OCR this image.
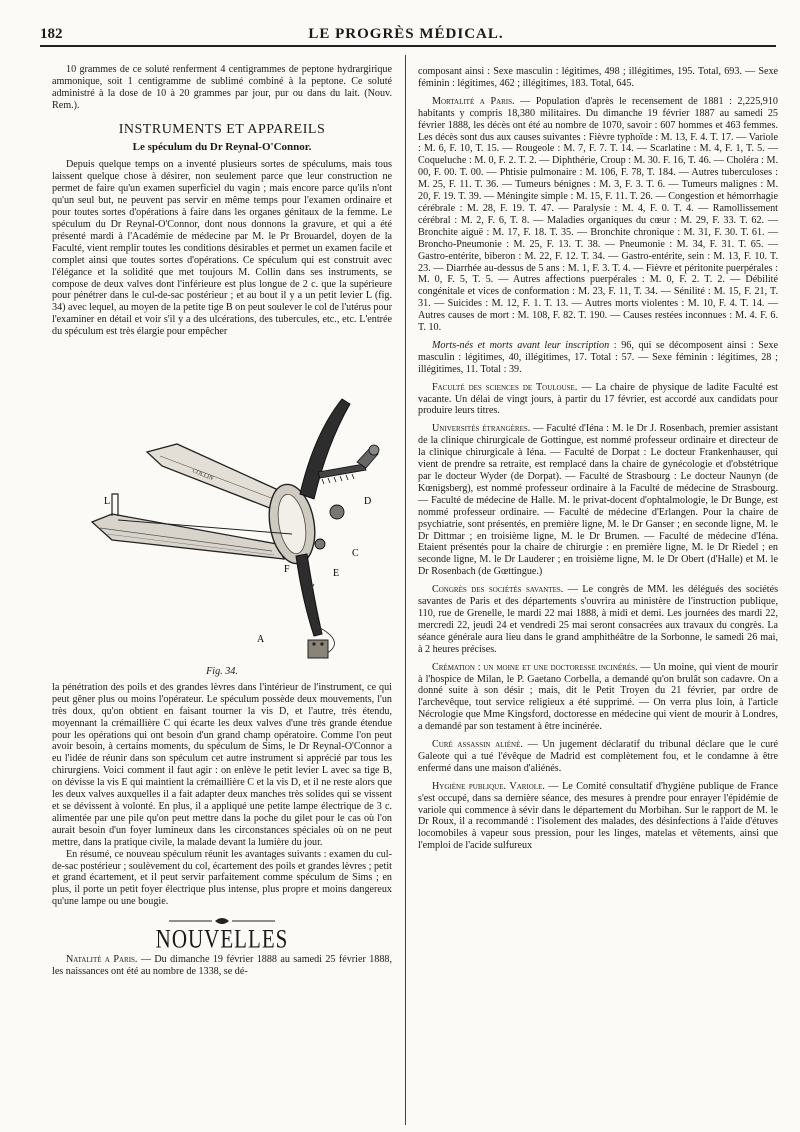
182	LE PROGRÈS MÉDICAL.

10 grammes de ce soluté renferment 4 centigrammes de peptone hydrargirique ammonique, soit 1 centigramme de sublimé combiné à la peptone. Ce soluté administré à la dose de 10 à 20 grammes par jour, pur ou dans du lait. (Nouv. Rem.).

INSTRUMENTS ET APPAREILS
Le spéculum du Dr Reynal-O'Connor.

Depuis quelque temps on a inventé plusieurs sortes de spéculums, mais tous laissent quelque chose à désirer, non seulement parce que leur construction ne permet de faire qu'un examen superficiel du vagin ; mais encore parce qu'ils n'ont qu'un seul but, ne peuvent pas servir en même temps pour l'examen ordinaire et pour toutes sortes d'opérations à faire dans les organes génitaux de la femme. Le spéculum du Dr Reynal-O'Connor, dont nous donnons la gravure, et qui a été présenté mardi à l'Académie de médecine par M. le Pr Brouardel, doyen de la Faculté, vient remplir toutes les conditions désirables et permet un examen facile et complet ainsi que toutes sortes d'opérations. Ce spéculum qui est construit avec l'élégance et la solidité que met toujours M. Collin dans ses instruments, se compose de deux valves dont l'inférieure est plus longue de 2 c. que la supérieure pour pénétrer dans le cul-de-sac postérieur ; et au bout il y a un petit levier L (fig. 34) avec lequel, au moyen de la petite tige B on peut soulever le col de l'utérus pour l'examiner en détail et voir s'il y a des ulcérations, des tubercules, etc., etc. L'entrée du spéculum est très élargie pour empêcher

COLLIN
D
C
E
F
A
L
Fig. 34.

la pénétration des poils et des grandes lèvres dans l'intérieur de l'instrument, ce qui peut gêner plus ou moins l'opérateur. Le spéculum possède deux mouvements, l'un très doux, qu'on obtient en faisant tourner la vis D, et l'autre, très étendu, moyennant la crémaillière C qui écarte les deux valves d'une très grande étendue pour les opérations qui ont besoin d'un grand champ opératoire. Comme l'on peut avoir besoin, à certains moments, du spéculum de Sims, le Dr Reynal-O'Connor a eu l'idée de réunir dans son spéculum cet autre instrument si apprécié par tous les chirurgiens. Voici comment il faut agir : on enlève le petit levier L avec sa tige B, on dévisse la vis E qui maintient la crémaillière C et la vis D, et il ne reste alors que les deux valves auxquelles il a fait adapter deux manches très solides qui se vissent et se dévissent à volonté. En plus, il a appliqué une petite lampe électrique de 3 c. alimentée par une pile qu'on peut mettre dans la poche du gilet pour le cas où l'on aurait besoin d'un foyer lumineux dans les circonstances spéciales où on ne peut mettre, dans la pratique civile, la malade devant la lumière du jour.

En résumé, ce nouveau spéculum réunit les avantages suivants : examen du cul-de-sac postérieur ; soulèvement du col, écartement des poils et grandes lèvres ; petit et grand écartement, et il peut servir parfaitement comme spéculum de Sims ; en plus, il porte un petit foyer électrique plus intense, plus propre et moins dangereux qu'une lampe ou une bougie.

NOUVELLES

Natalité a Paris. — Du dimanche 19 février 1888 au samedi 25 février 1888, les naissances ont été au nombre de 1338, se dé-

composant ainsi : Sexe masculin : légitimes, 498 ; illégitimes, 195. Total, 693. — Sexe féminin : légitimes, 462 ; illégitimes, 183. Total, 645.

Mortalité a Paris. — Population d'après le recensement de 1881 : 2,225,910 habitants y compris 18,380 militaires. Du dimanche 19 février 1887 au samedi 25 février 1888, les décès ont été au nombre de 1070, savoir : 607 hommes et 463 femmes. Les décès sont dus aux causes suivantes : Fièvre typhoïde : M. 13, F. 4. T. 17. — Variole : M. 6, F. 10, T. 15. — Rougeole : M. 7, F. 7. T. 14. — Scarlatine : M. 4, F. 1, T. 5. — Coqueluche : M. 0, F. 2. T. 2. — Diphthérie, Croup : M. 30. F. 16, T. 46. — Choléra : M. 00, F. 00. T. 00. — Phtisie pulmonaire : M. 106, F. 78, T. 184. — Autres tuberculoses : M. 25, F. 11. T. 36. — Tumeurs bénignes : M. 3, F. 3. T. 6. — Tumeurs malignes : M. 20, F. 19. T. 39. — Méningite simple : M. 15, F. 11. T. 26. — Congestion et hémorrhagie cérébrale : M. 28, F. 19. T. 47. — Paralysie : M. 4, F. 0. T. 4. — Ramollissement cérébral : M. 2, F. 6, T. 8. — Maladies organiques du cœur : M. 29, F. 33. T. 62. — Bronchite aiguë : M. 17, F. 18. T. 35. — Bronchite chronique : M. 31, F. 30. T. 61. — Broncho-Pneumonie : M. 25, F. 13. T. 38. — Pneumonie : M. 34, F. 31. T. 65. — Gastro-entérite, biberon : M. 22, F. 12. T. 34. — Gastro-entérite, sein : M. 13, F. 10. T. 23. — Diarrhée au-dessus de 5 ans : M. 1, F. 3. T. 4. — Fièvre et péritonite puerpérales : M. 0, F. 5, T. 5. — Autres affections puerpérales : M. 0, F. 2. T. 2. — Débilité congénitale et vices de conformation : M. 23, F. 11, T. 34. — Sénilité : M. 15, F. 21, T. 31. — Suicides : M. 12, F. 1. T. 13. — Autres morts violentes : M. 10, F. 4. T. 14. — Autres causes de mort : M. 108, F. 82. T. 190. — Causes restées inconnues : M. 4. F. 6. T. 10.

Morts-nés et morts avant leur inscription : 96, qui se décomposent ainsi : Sexe masculin : légitimes, 40, illégitimes, 17. Total : 57. — Sexe féminin : légitimes, 28 ; illégitimes, 11. Total : 39.

Faculté des sciences de Toulouse. — La chaire de physique de ladite Faculté est vacante. Un délai de vingt jours, à partir du 17 février, est accordé aux candidats pour produire leurs titres.

Universités étrangères. — Faculté d'Iéna : M. le Dr J. Rosenbach, premier assistant de la clinique chirurgicale de Gottingue, est nommé professeur ordinaire et directeur de la clinique chirurgicale à Iéna. — Faculté de Dorpat : Le docteur Frankenhauser, qui vient de prendre sa retraite, est remplacé dans la chaire de gynécologie et d'obstétrique par le docteur Wyder (de Dorpat). — Faculté de Strasbourg : Le docteur Naunyn (de Kœnigsberg), est nommé professeur ordinaire à la Faculté de médecine de Strasbourg. — Faculté de médecine de Halle. M. le privat-docent d'ophtalmologie, le Dr Bunge, est nommé professeur ordinaire. — Faculté de médecine d'Erlangen. Pour la chaire de psychiatrie, sont présentés, en première ligne, M. le Dr Ganser ; en seconde ligne, M. le Dr Dittmar ; en troisième ligne, M. le Dr Brumen. — Faculté de médecine d'Iéna. Etaient présentés pour la chaire de chirurgie : en première ligne, M. le Dr Riedel ; en seconde ligne, M. le Dr Lauderer ; en troisième ligne, M. le Dr Obert (d'Halle) et M. le Dr Rosenbach (de Gœttingue.)

Congrès des sociétés savantes. — Le congrès de MM. les délégués des sociétés savantes de Paris et des départements s'ouvrira au ministère de l'instruction publique, 110, rue de Grenelle, le mardi 22 mai 1888, à midi et demi. Les journées des mardi 22, mercredi 22, jeudi 24 et vendredi 25 mai seront consacrées aux travaux du congrès. La séance générale aura lieu dans le grand amphithéâtre de la Sorbonne, le samedi 26 mai, à 2 heures précises.

Crémation : un moine et une doctoresse incinérés. — Un moine, qui vient de mourir à l'hospice de Milan, le P. Gaetano Corbella, a demandé qu'on brulât son cadavre. On a donné suite à son désir ; mais, dit le Petit Troyen du 21 février, par ordre de l'archevêque, tout service religieux a été supprimé. — On verra plus loin, à l'article Nécrologie que Mme Kingsford, doctoresse en médecine qui vient de mourir à Londres, a demandé par son testament à être incinérée.

Curé assassin aliéné. — Un jugement déclaratif du tribunal déclare que le curé Galeote qui a tué l'évêque de Madrid est complètement fou, et le condamne à être enfermé dans une maison d'aliénés.

Hygiène publique. Variole. — Le Comité consultatif d'hygiène publique de France s'est occupé, dans sa dernière séance, des mesures à prendre pour enrayer l'épidémie de variole qui commence à sévir dans le département du Morbihan. Sur le rapport de M. le Dr Roux, il a recommandé : l'isolement des malades, des désinfections à l'aide d'étuves locomobiles à vapeur sous pression, pour les linges, matelas et vêtements, ainsi que l'emploi de l'acide sulfureux
